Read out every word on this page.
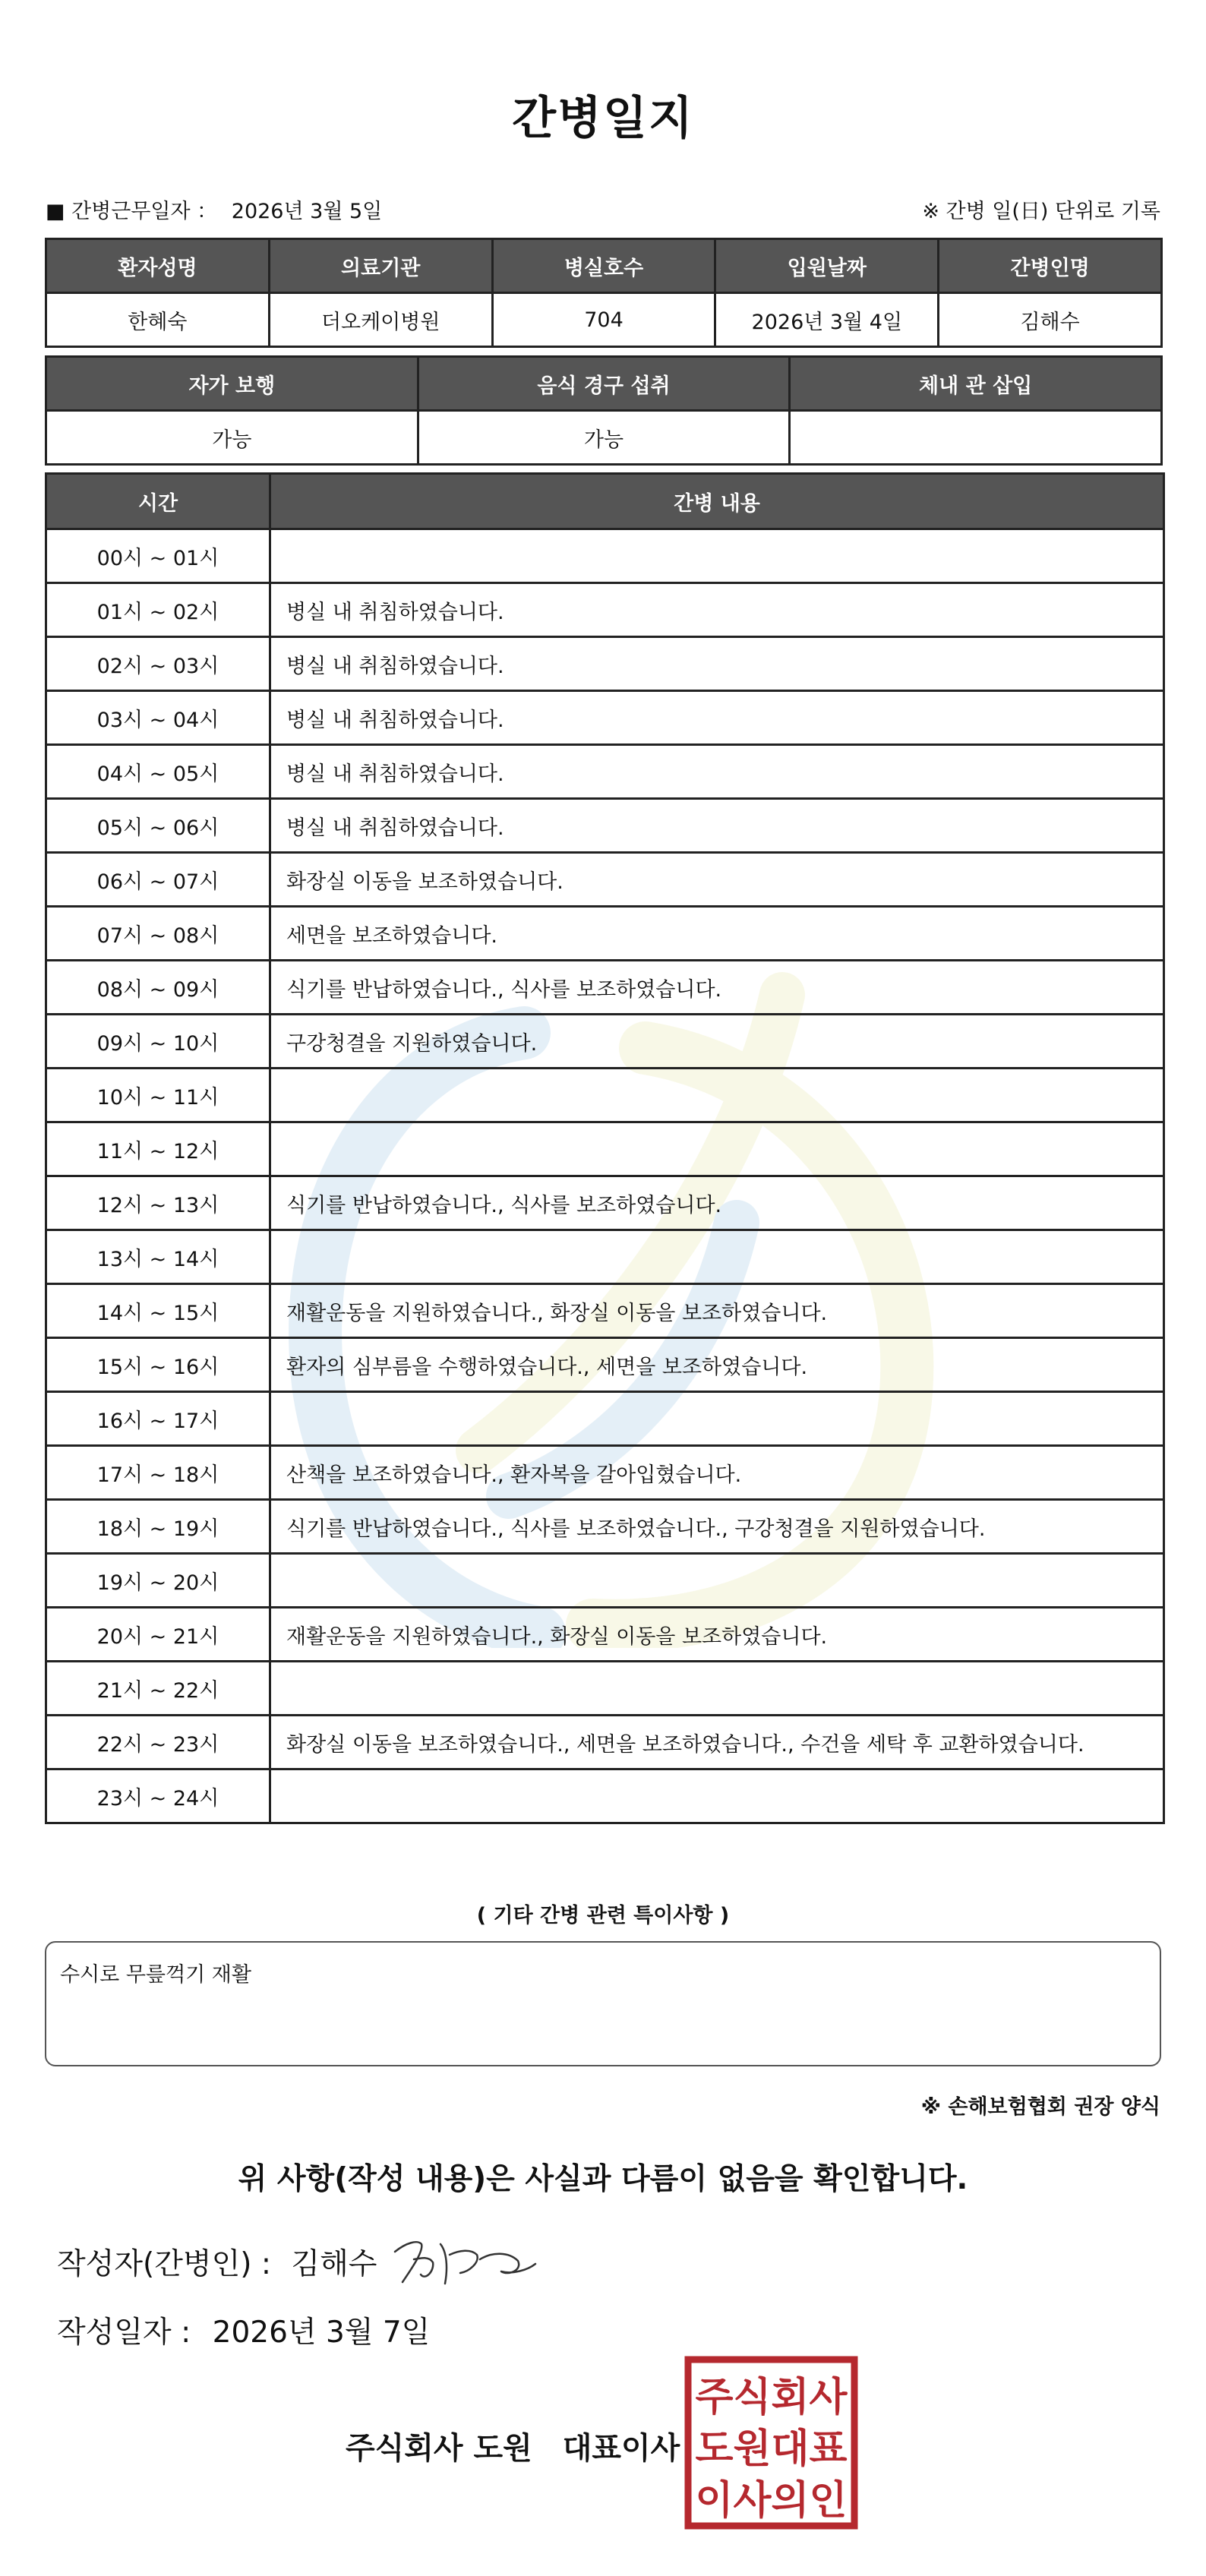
간병일지
■ 간병근무일자 ： 2026년 3월 5일	※ 간병 일(日) 단위로 기록
환자성명	의료기관	병실호수	입원날짜	간병인명
한혜숙	더오케이병원	704	2026년 3월 4일	김해수
자가 보행	음식 경구 섭취	체내 관 삽입
가능	가능	
시간	간병 내용
00시 ~ 01시	
01시 ~ 02시	병실 내 취침하였습니다.
02시 ~ 03시	병실 내 취침하였습니다.
03시 ~ 04시	병실 내 취침하였습니다.
04시 ~ 05시	병실 내 취침하였습니다.
05시 ~ 06시	병실 내 취침하였습니다.
06시 ~ 07시	화장실 이동을 보조하였습니다.
07시 ~ 08시	세면을 보조하였습니다.
08시 ~ 09시	식기를 반납하였습니다., 식사를 보조하였습니다.
09시 ~ 10시	구강청결을 지원하였습니다.
10시 ~ 11시	
11시 ~ 12시	
12시 ~ 13시	식기를 반납하였습니다., 식사를 보조하였습니다.
13시 ~ 14시	
14시 ~ 15시	재활운동을 지원하였습니다., 화장실 이동을 보조하였습니다.
15시 ~ 16시	환자의 심부름을 수행하였습니다., 세면을 보조하였습니다.
16시 ~ 17시	
17시 ~ 18시	산책을 보조하였습니다., 환자복을 갈아입혔습니다.
18시 ~ 19시	식기를 반납하였습니다., 식사를 보조하였습니다., 구강청결을 지원하였습니다.
19시 ~ 20시	
20시 ~ 21시	재활운동을 지원하였습니다., 화장실 이동을 보조하였습니다.
21시 ~ 22시	
22시 ~ 23시	화장실 이동을 보조하였습니다., 세면을 보조하였습니다., 수건을 세탁 후 교환하였습니다.
23시 ~ 24시	
( 기타 간병 관련 특이사항 )
수시로 무릎꺽기 재활
※ 손해보험협회 권장 양식
위 사항(작성 내용)은 사실과 다름이 없음을 확인합니다.
작성자(간병인) : 김해수
작성일자 : 2026년 3월 7일
주식회사 도원 대표이사
주식회사
도원대표
이사의인
